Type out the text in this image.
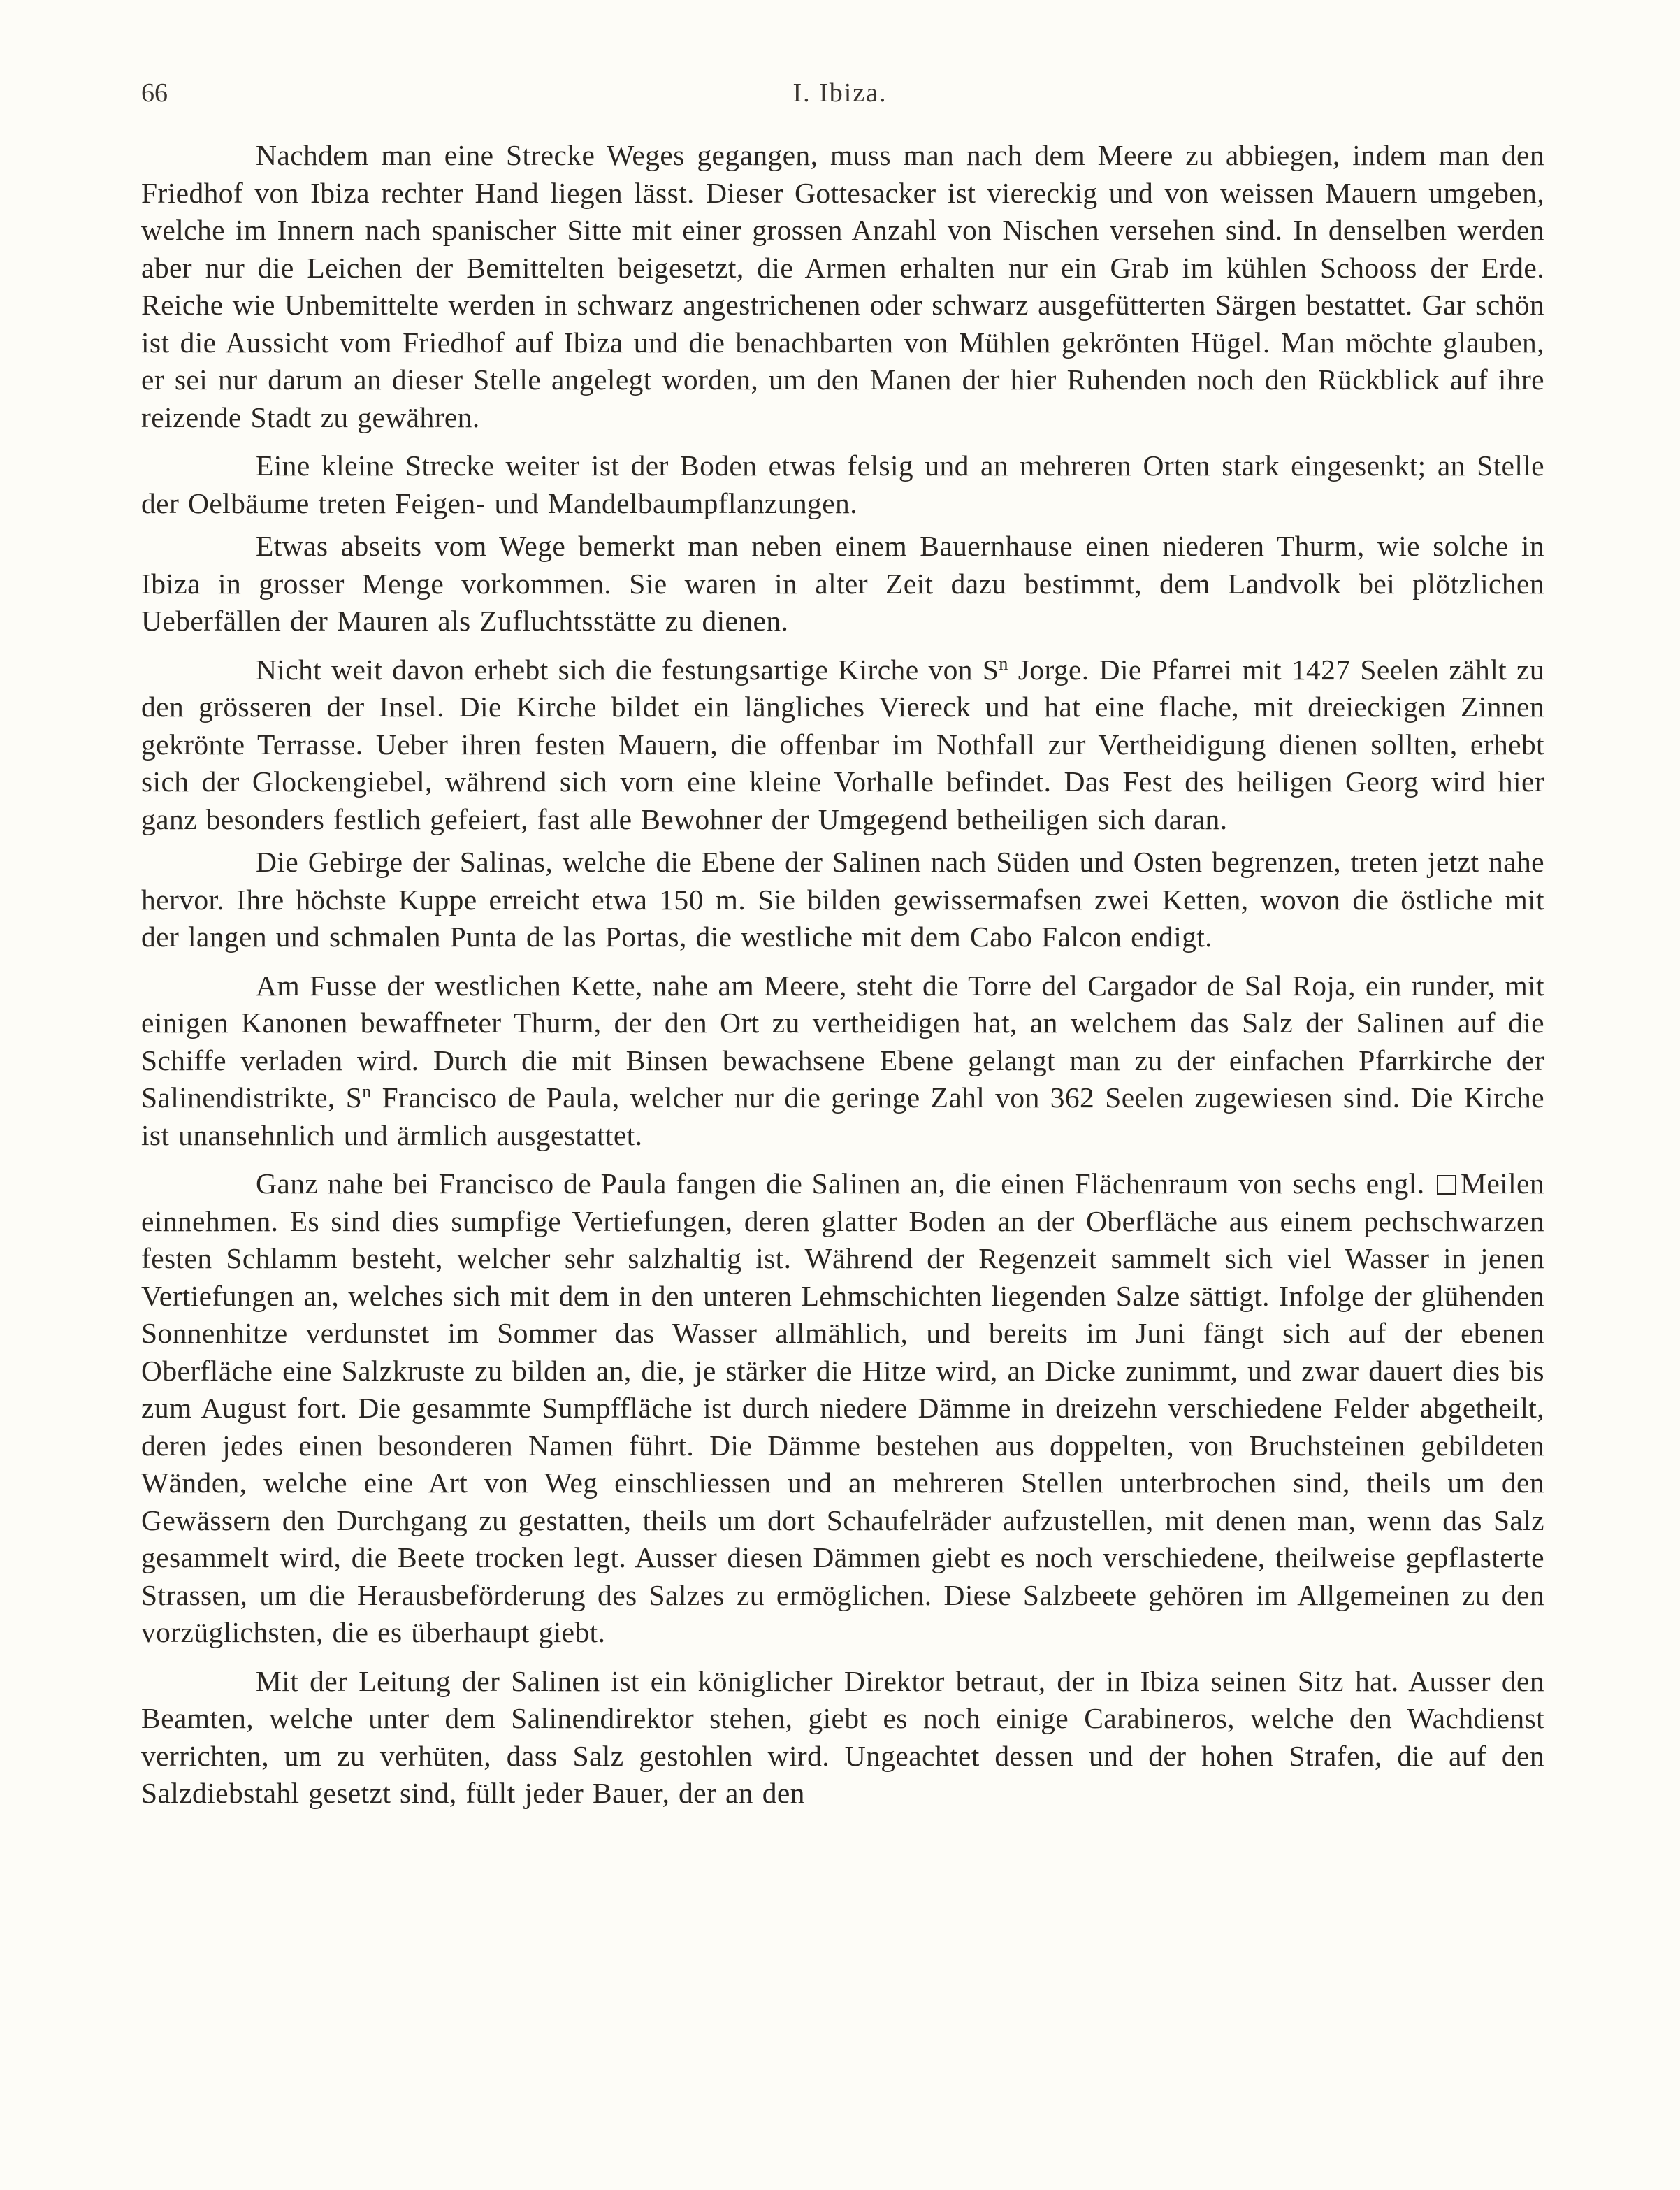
66	I. Ibiza.

Nachdem man eine Strecke Weges gegangen, muss man nach dem Meere zu abbiegen, indem man den Friedhof von Ibiza rechter Hand liegen lässt. Dieser Gottesacker ist viereckig und von weissen Mauern umgeben, welche im Innern nach spanischer Sitte mit einer grossen Anzahl von Nischen versehen sind. In denselben werden aber nur die Leichen der Bemittelten beigesetzt, die Armen erhalten nur ein Grab im kühlen Schooss der Erde. Reiche wie Unbemittelte werden in schwarz angestrichenen oder schwarz ausgefütterten Särgen bestattet. Gar schön ist die Aussicht vom Friedhof auf Ibiza und die benachbarten von Mühlen gekrönten Hügel. Man möchte glauben, er sei nur darum an dieser Stelle angelegt worden, um den Manen der hier Ruhenden noch den Rückblick auf ihre reizende Stadt zu gewähren.

Eine kleine Strecke weiter ist der Boden etwas felsig und an mehreren Orten stark eingesenkt; an Stelle der Oelbäume treten Feigen- und Mandelbaumpflanzungen.

Etwas abseits vom Wege bemerkt man neben einem Bauernhause einen niederen Thurm, wie solche in Ibiza in grosser Menge vorkommen. Sie waren in alter Zeit dazu bestimmt, dem Landvolk bei plötzlichen Ueberfällen der Mauren als Zufluchtsstätte zu dienen.

Nicht weit davon erhebt sich die festungsartige Kirche von $S^n$ Jorge. Die Pfarrei mit 1427 Seelen zählt zu den grösseren der Insel. Die Kirche bildet ein längliches Viereck und hat eine flache, mit dreieckigen Zinnen gekrönte Terrasse. Ueber ihren festen Mauern, die offenbar im Nothfall zur Vertheidigung dienen sollten, erhebt sich der Glockengiebel, während sich vorn eine kleine Vorhalle befindet. Das Fest des heiligen Georg wird hier ganz besonders festlich gefeiert, fast alle Bewohner der Umgegend betheiligen sich daran.

Die Gebirge der Salinas, welche die Ebene der Salinen nach Süden und Osten begrenzen, treten jetzt nahe hervor. Ihre höchste Kuppe erreicht etwa 150 m. Sie bilden gewissermafsen zwei Ketten, wovon die östliche mit der langen und schmalen Punta de las Portas, die westliche mit dem Cabo Falcon endigt.

Am Fusse der westlichen Kette, nahe am Meere, steht die Torre del Cargador de Sal Roja, ein runder, mit einigen Kanonen bewaffneter Thurm, der den Ort zu vertheidigen hat, an welchem das Salz der Salinen auf die Schiffe verladen wird. Durch die mit Binsen bewachsene Ebene gelangt man zu der einfachen Pfarrkirche der Salinendistrikte, $S^n$ Francisco de Paula, welcher nur die geringe Zahl von 362 Seelen zugewiesen sind. Die Kirche ist unansehnlich und ärmlich ausgestattet.

Ganz nahe bei Francisco de Paula fangen die Salinen an, die einen Flächenraum von sechs engl. Meilen einnehmen. Es sind dies sumpfige Vertiefungen, deren glatter Boden an der Oberfläche aus einem pechschwarzen festen Schlamm besteht, welcher sehr salzhaltig ist. Während der Regenzeit sammelt sich viel Wasser in jenen Vertiefungen an, welches sich mit dem in den unteren Lehmschichten liegenden Salze sättigt. Infolge der glühenden Sonnenhitze verdunstet im Sommer das Wasser allmählich, und bereits im Juni fängt sich auf der ebenen Oberfläche eine Salzkruste zu bilden an, die, je stärker die Hitze wird, an Dicke zunimmt, und zwar dauert dies bis zum August fort. Die gesammte Sumpffläche ist durch niedere Dämme in dreizehn verschiedene Felder abgetheilt, deren jedes einen besonderen Namen führt. Die Dämme bestehen aus doppelten, von Bruchsteinen gebildeten Wänden, welche eine Art von Weg einschliessen und an mehreren Stellen unterbrochen sind, theils um den Gewässern den Durchgang zu gestatten, theils um dort Schaufelräder aufzustellen, mit denen man, wenn das Salz gesammelt wird, die Beete trocken legt. Ausser diesen Dämmen giebt es noch verschiedene, theilweise gepflasterte Strassen, um die Herausbeförderung des Salzes zu ermöglichen. Diese Salzbeete gehören im Allgemeinen zu den vorzüglichsten, die es überhaupt giebt.

Mit der Leitung der Salinen ist ein königlicher Direktor betraut, der in Ibiza seinen Sitz hat. Ausser den Beamten, welche unter dem Salinendirektor stehen, giebt es noch einige Carabineros, welche den Wachdienst verrichten, um zu verhüten, dass Salz gestohlen wird. Ungeachtet dessen und der hohen Strafen, die auf den Salzdiebstahl gesetzt sind, füllt jeder Bauer, der an den
